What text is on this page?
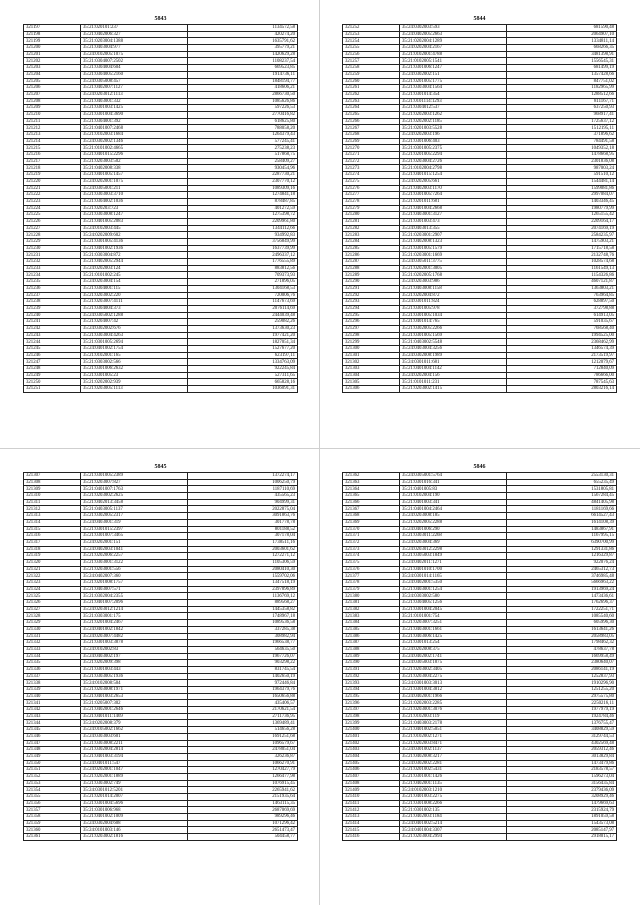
5843
321197	35:21:020101:237	1134572,58
321198	35:21:0402006:327	420274,20
321199	35:21:0203004:1388	1635791,62
321200	35:21:0403004:977	395779,21
321201	35:24:0102005:1075	1420629,28
321202	35:21:0304007:2502	1108237,54
321203	35:21:0304004:604	669523,85
321204	35:21:0304005:2160	1914736,11
321205	35:24:0305008:457	1848194,77
321206	35:21:0402007:1127	418606,21
321207	35:24:0203012:1113	2866730,50
321208	35:21:0403001:332	1085626,86
321209	35:21:0301003:1425	597226,53
321210	35:21:0301004:3690	2770416,82
321211	35:21:0304001:392	618625,80
321212	35:21:0401007:2468	788058,20
321213	35:21:0102003:1684	1264379,43
321214	35:24:0302002:1346	577245,41
321215	35:21:0101002:4665	275238,23
321216	35:21:0401015:2296	517868,75
321217	35:21:0203003:502	258409,27
321218	35:21:0402008:338	930454,96
321219	35:21:0401005:1457	2287730,21
321220	35:24:0202001:1075	2307770,12
321221	35:24:0305001:211	1089309,16
321222	35:21:0303003:3710	1274841,18
321223	35:21:0304002:1036	878487,85
321224	35:21:020203:723	401272,59
321225	35:21:0303008:1247	1275398,72
321226	35:21:0401005:2083	2209961,80
321227	35:24:0102003:445	1344112,66
321228	35:24:0202009:602	934992,83
321229	35:21:0301005:4136	3756849,99
321230	35:21:0401002:1936	1637739,99
321231	35:21:0303004:872	2496337,12
321232	35:21:0402005:2944	1776555,89
321233	35:24:0202003:124	883812,56
321234	35:21:0101002:245	709373,93
321235	35:24:0203004:154	271896,05
321236	35:21:0304001:115	1304168,53
321237	35:21:0203002:220	720006,76
321238	35:21:0203007:4111	1147673,69
321239	35:21:0304004:373	2076114,69
321240	35:24:0305002:1288	2444039,48
321241	35:21:0204007:42	259082,26
321242	35:24:0302002:676	1373630,23
321243	35:21:0303004:4263	1977421,20
321244	35:21:0301005:2694	1827051,34
321245	35:24:0401002:1754	1527677,20
321246	35:21:0102001:165	623197,11
321247	35:21:0303002:566	1334763,09
321248	35:21:0301006:2632	922245,84
321249	35:21:0301005:23	527311,65
321250	35:21:0202002:939	665828,16
321251	35:21:0203005:1113	1036091,31
5844
321252	35:24:0302003:593	681590,48
321253	35:24:0402005:2663	2064907,10
321254	35:21:0202004:1289	1334811,14
321255	35:24:0202004:2167	668266,35
321256	35:21:0102001:4788	3481398,91
321257	35:21:0102005:1541	1556545,31
321258	35:21:0301006:1247	681499,19
321259	35:24:0302002:151	1357428,66
321260	35:21:0201005:1775	847751,02
321261	35:21:0303004:1564	1182965,99
321262	35:21:0301014:354	1288512,66
321263	35:21:0101114:1293	811167,71
321264	35:21:0304012:537	637250,93
321265	35:21:0202003:1262	968917,41
321266	35:21:0202002:1185	1725637,12
321267	35:21:0201003:5528	1512195,11
321268	35:24:0202003:196	371896,62
321269	35:21:0301006:403	784491,58
321270	35:21:0301005:2375	1049352,18
321271	35:21:0201005:2294	1478668,95
321272	35:21:0203004:2726	2301836,08
321273	35:21:0102004:2798	987003,24
321274	35:21:0401015:1254	591510,12
321275	35:24:0202005:661	1544481,14
321276	35:21:0402003:1170	1599081,86
321277	35:21:0301005:7264	2997084,07
321278	35:21:0201011:681	1403346,45
321279	35:21:0401004:2668	1980779,99
321280	35:21:0403001:3127	1265155,42
321281	35:21:0301003:473	2209164,17
321282	35:24:0403013:355	2074169,19
321283	35:21:0203001:2907	2584235,97
321284	35:21:0402008:1323	1475903,21
321285	35:21:0301005:1579	1715718,58
321286	35:21:0203001:1669	2132748,76
321287	35:24:0305011:3775	1028574,68
321288	35:21:0202001:3005	1161549,13
321289	35:21:0202005:1768	1154326,86
321290	35:24:0203003:986	4607121,87
321291	35:21:0403008:1158	1363803,21
321292	35:21:0202004:872	763964,85
321293	35:24:0301011:824	628897,50
321294	35:21:0301005:978	372798,88
321295	35:21:0301005:1034	614913,05
321296	35:21:0401014:765	591035,67
321297	35:21:0302005:2266	768568,40
321298	35:21:0301005:1569	1994525,00
321299	35:21:0403002:5548	2368462,99
321300	35:24:0403004:3256	1346574,39
321301	35:24:0302008:1989	2173519,97
321302	35:24:0301011:681	1212079,67
321303	35:21:0401004:1142	712840,09
321304	35:24:0202004:156	786666,00
321305	35:21:0101011:231	787545,63
321306	35:21:0203002:1415	2803216,14
5845
321307	35:21:0301005:2389	1372274,17
321308	35:21:0203007:827	1006250,79
321309	35:21:0401007:1763	1187110,69
321310	35:21:0203002:2625	435565,23
321311	35:21:0402013:3458	904999,31
321312	35:21:0403005:1137	2022875,04
321313	35:21:0302005:2317	3091863,76
321314	35:24:0403001:319	301778,78
321315	35:21:0301015:2397	801188,52
321316	35:21:0301007:3465	307178,04
321317	35:24:0202001:151	1738511,16
321318	35:24:0402003:1041	2003601,62
321319	35:21:0202006:2257	1272271,12
321320	35:21:0303001:3122	1105306,59
321321	35:21:0203001:556	2080410,30
321322	35:24:0402007:360	1559702,06
321323	35:21:0201008:1757	1347518,19
321324	35:21:0403007:571	2397896,89
321325	35:21:0302004:2355	1136769,12
321326	35:21:0401007:2096	889568,27
321327	35:24:0203012:1214	1445358,82
321328	35:21:0303001:175	1748967,18
321329	35:21:0201004:2467	1089536,58
321330	35:24:0401002:1842	337285,38
321331	35:24:0203007:4482	308982,94
321332	35:21:0301003:3878	1966538,77
321333	35:24:0102002:83	564635,50
321334	35:24:0403002:197	1967726,07
321335	35:21:0202009:398	903298,22
321336	35:21:0301003:443	831745,54
321337	35:21:0303005:1936	1402650,19
321338	35:24:0102008:504	972446,84
321339	35:21:0203008:1971	1964379,76
321340	35:21:0401003:2653	1650656,88
321341	35:21:0205007:302	435406,57
321342	35:21:0402001:2646	2170621,54
321343	35:21:0401011:1469	2711736,95
321344	35:24:0202008:379	1369489,41
321345	35:24:0105002:1662	514656,28
321346	35:24:0303003:601	1691251,68
321347	35:21:0303008:2211	1096579,67
321348	35:21:0302004:2814	2478051,04
321349	35:21:0401003:3194	326236,87
321350	35:24:0401011:547	1066270,91
321351	35:24:0202001:1047	1270427,79
321352	35:21:0202001:1889	1266477,98
321353	35:21:0303002:749	1076915,45
321354	35:24:0301012:5201	2265941,62
321355	35:21:0201014:2007	2151935,64
321356	35:21:0301004:5696	1463115,35
321357	35:21:0301006:968	2687069,69
321358	35:21:0401002:1009	989296,46
321359	35:24:0302004:608	1071296,42
321360	35:24:0101003:146	2651473,47
321361	35:21:0203002:1816	504458,77
5846
321362	35:24:0305001:5764	2553130,31
321363	35:21:0301016:341	655235,49
321364	35:21:0401005:83	1531805,81
321365	35:21:0102004:190	1567284,45
321366	35:21:0401003:341	4841405,98
321367	35:21:0401004:2464	1181169,66
321368	35:24:0203008:185	6614527,43
321369	35:21:0202005:2288	1614108,39
321370	35:24:0401006:290	1483867,91
321371	35:21:0303011:2268	1167995,15
321372	35:24:0203004:369	6390700,99
321373	35:24:0203012:2298	1291331,86
321374	35:21:0305003:1849	1216329,87
321375	35:24:0402011:1271	922076,24
321376	35:21:0401010:1700	2465312,73
321377	35:24:0301014:1165	3746985,48
321378	35:24:0402001:5350	5666963,22
321379	35:21:0403001:1254	1913969,24
321380	35:24:0303002:580	1473436,61
321381	35:21:0304005:1256	1762696,37
321382	35:21:0301004:2045	1722251,71
321383	35:21:0101001:754	1085540,60
321384	35:21:0203007:3251	605996,30
321385	35:21:0403001:1661	1613641,26
321386	35:21:0403006:1425	2058983,05
321387	35:21:0301013:254	1798462,32
321388	35:24:0202008:375	478637,78
321389	35:24:0402002:1741	1669958,49
321390	35:24:0305003:1875	2380640,07
321391	35:21:0203002:3405	2086141,19
321392	35:21:0203004:2275	1252837,93
321393	35:24:0301003:3013	1910296,90
321394	35:21:0301004:3812	1251255,20
321395	35:24:0402001:1966	2975575,80
321396	35:21:0202003:2285	2250216,11
321397	35:21:0203001:3076	1977979,19
321398	35:21:0102003:119	1924784,46
321399	35:21:0403003:2178	1376755,47
321400	35:21:0401002:5051	3408829,59
321401	35:21:0102002:1271	3129744,53
321402	35:21:0202003:8471	4302569,48
321403	35:24:0301002:1137	2059312,46
321404	35:21:0402008:3217	3013829,84
321405	35:24:0302002:2281	1473479,86
321406	35:21:0201002:5431	2183578,57
321407	35:21:0301001:1426	1596273,04
321408	35:21:0402001:1135	3156435,84
321409	35:24:0102003:1210	2379436,09
321410	35:21:0401003:2275	3208929,46
321411	35:21:0301008:2266	1479669,63
321412	35:21:0301002:135	2315924,79
321413	35:21:0402003:1184	1891059,58
321414	35:24:0401002:5214	1543573,08
321415	35:24:0401004:3307	2085147,97
321416	35:21:0203004:2994	2918015,17
